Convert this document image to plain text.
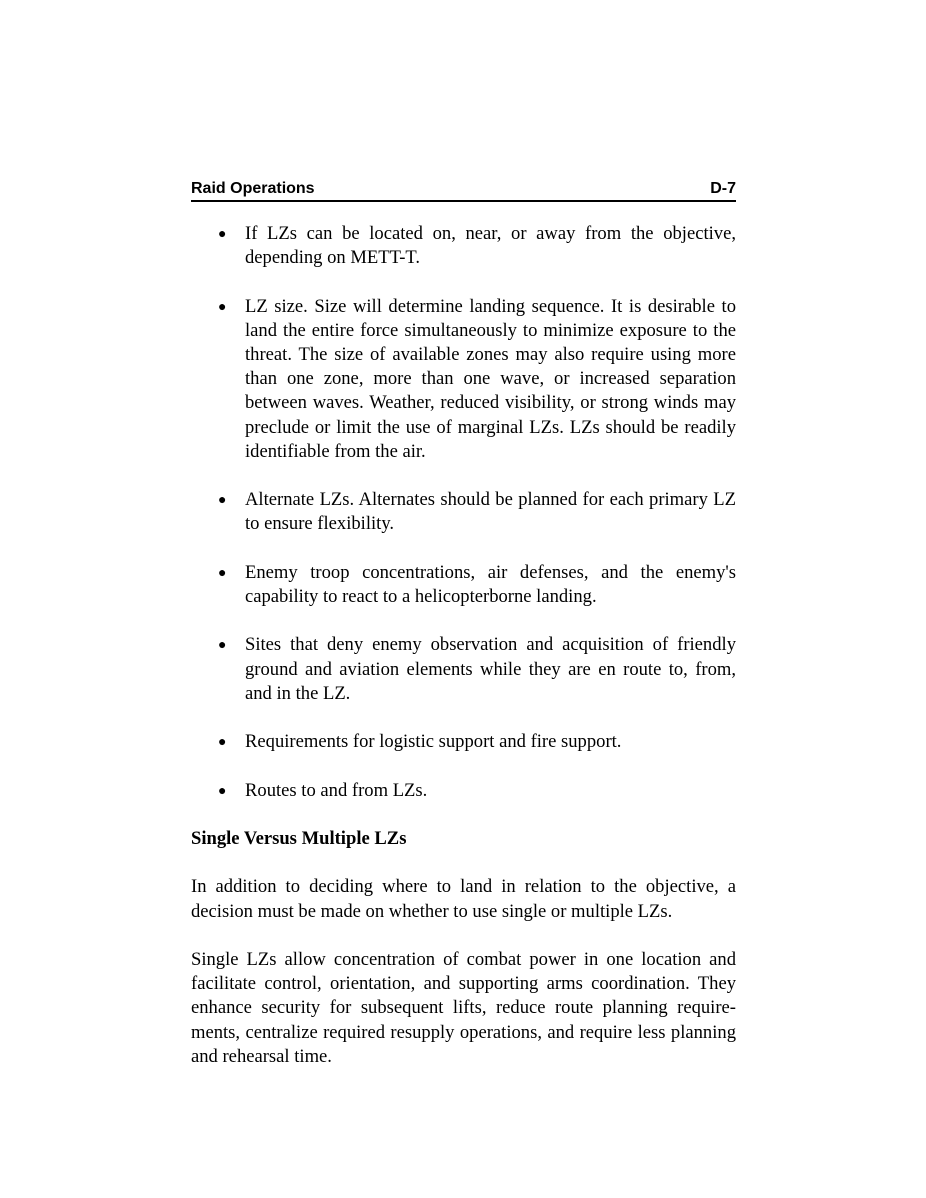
Raid Operations	D-7
● If LZs can be located on, near, or away from the objective, depending on METT-T.
● LZ size. Size will determine landing sequence. It is desirable to land the entire force simultaneously to minimize exposure to the threat. The size of available zones may also require using more than one zone, more than one wave, or increased separation between waves. Weather, reduced visibility, or strong winds may preclude or limit the use of marginal LZs. LZs should be readily identifiable from the air.
● Alternate LZs. Alternates should be planned for each primary LZ to ensure flexibility.
● Enemy troop concentrations, air defenses, and the enemy's capability to react to a helicopterborne landing.
● Sites that deny enemy observation and acquisition of friendly ground and aviation elements while they are en route to, from, and in the LZ.
● Requirements for logistic support and fire support.
● Routes to and from LZs.
Single Versus Multiple LZs

In addition to deciding where to land in relation to the objective, a decision must be made on whether to use single or multiple LZs.

Single LZs allow concentration of combat power in one location and facilitate control, orientation, and supporting arms coordination. They enhance security for subsequent lifts, reduce route planning require-ments, centralize required resupply operations, and require less planning and rehearsal time.
